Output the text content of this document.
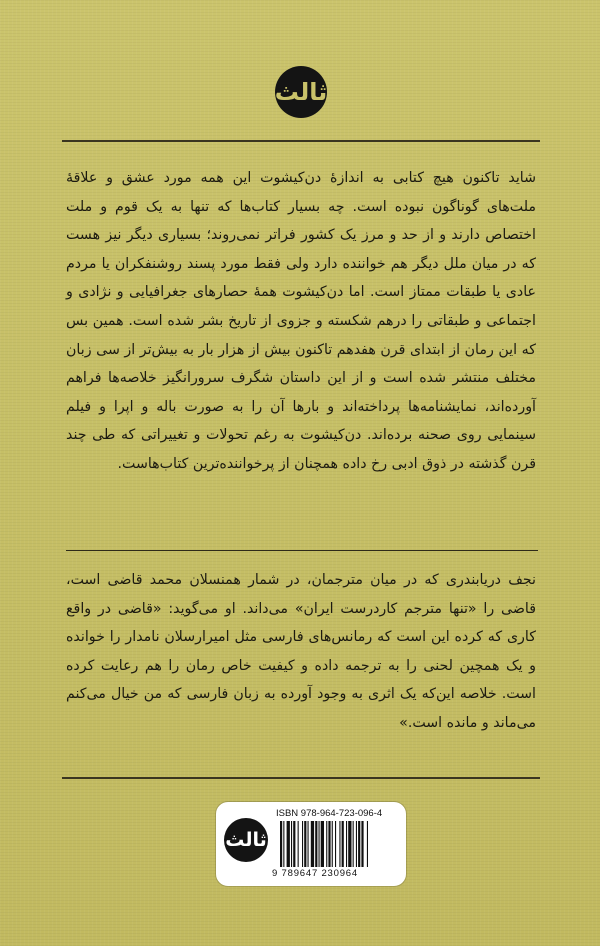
ثالث

شاید تاکنون هیچ کتابی به اندازهٔ دن‌کیشوت این همه مورد عشق و علاقهٔ ملت‌های گوناگون نبوده است. چه بسیار کتاب‌ها که تنها به یک قوم و ملت اختصاص دارند و از حد و مرز یک کشور فراتر نمی‌روند؛ بسیاری دیگر نیز هست که در میان ملل دیگر هم خوانندە دارد ولی فقط مورد پسند روشنفکران یا مردم عادی یا طبقات ممتاز است. اما دن‌کیشوت همهٔ حصارهای جغرافیایی و نژادی و اجتماعی و طبقاتی را درهم شکسته و جزوی از تاریخ بشر شده است. همین بس که این رمان از ابتدای قرن هفدهم تاکنون بیش از هزار بار به بیش‌تر از سی زبان مختلف منتشر شده است و از این داستان شگرف سرورانگیز خلاصه‌ها فراهم آورده‌اند، نمایشنامه‌ها پرداخته‌اند و بارها آن را به صورت باله و اپرا و فیلم سینمایی روی صحنه برده‌اند. دن‌کیشوت به رغم تحولات و تغییراتی که طی چند قرن گذشته در ذوق ادبی رخ دادە همچنان از پرخوانندەترین کتاب‌هاست.

نجف دریابندری که در میان مترجمان، در شمار همنسلان محمد قاضی است، قاضی را «تنها مترجم کاردرست ایران» می‌داند. او می‌گوید: «قاضی در واقع کاری که کردە این است که رمانس‌های فارسی مثل امیرارسلان نامدار را خواندە و یک همچین لحنی را به ترجمه دادە و کیفیت خاص رمان را هم رعایت کردە است. خلاصه این‌که یک اثری به وجود آوردە به زبان فارسی که من خیال می‌کنم می‌ماند و ماندە است.»

ثالث
ISBN 978-964-723-096-4
9 789647 230964
